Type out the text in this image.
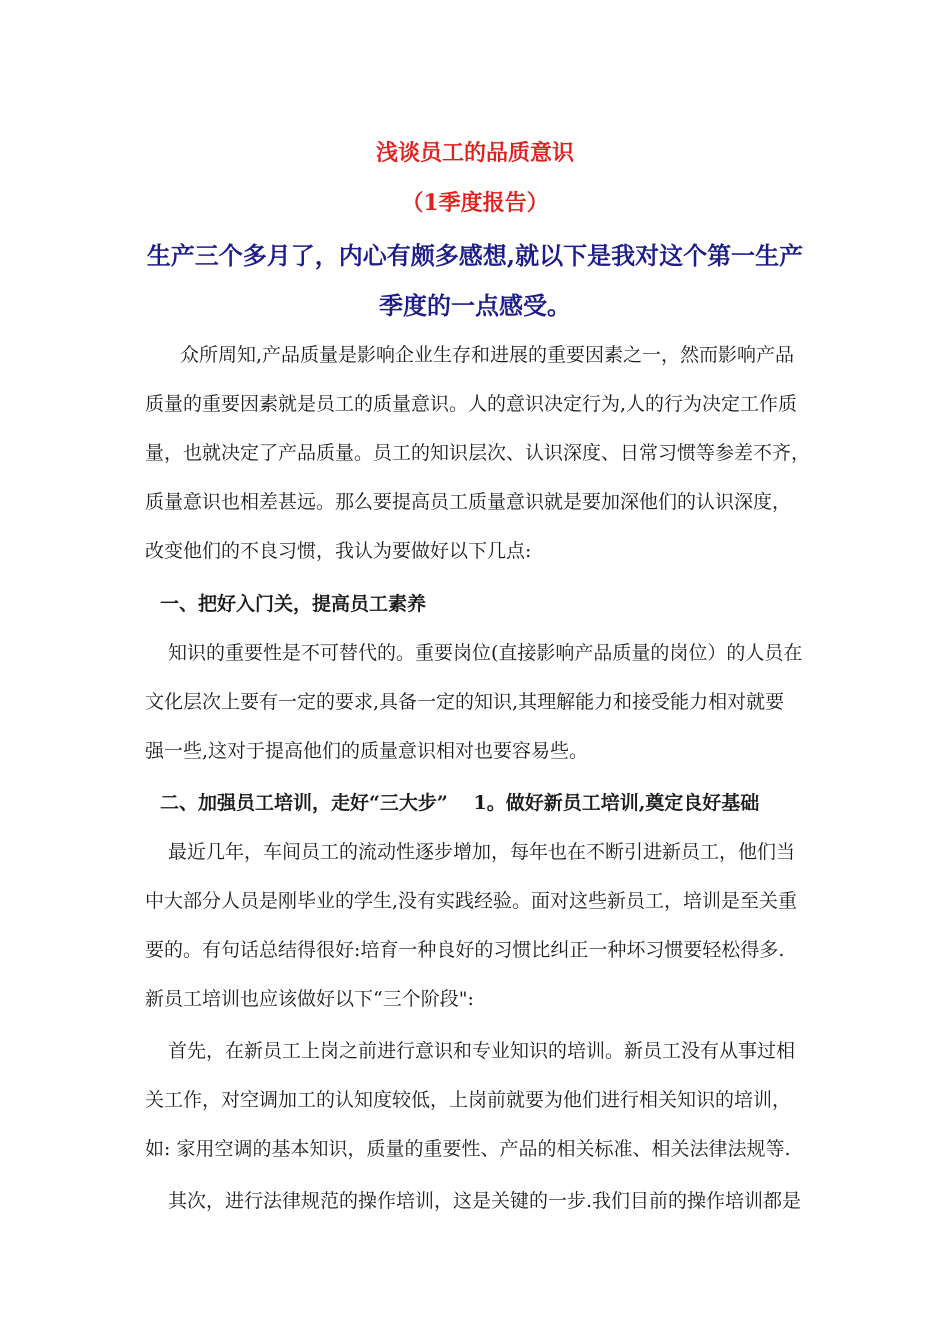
浅谈员工的品质意识
（1季度报告）
生产三个多月了，内心有颇多感想,就以下是我对这个第一生产
季度的一点感受。
众所周知,产品质量是影响企业生存和进展的重要因素之一，然而影响产品
质量的重要因素就是员工的质量意识。人的意识决定行为,人的行为决定工作质
量，也就决定了产品质量。员工的知识层次、认识深度、日常习惯等参差不齐，
质量意识也相差甚远。那么要提高员工质量意识就是要加深他们的认识深度，
改变他们的不良习惯，我认为要做好以下几点:
一、把好入门关，提高员工素养
知识的重要性是不可替代的。重要岗位(直接影响产品质量的岗位）的人员在
文化层次上要有一定的要求,具备一定的知识,其理解能力和接受能力相对就要
强一些,这对于提高他们的质量意识相对也要容易些。
二、加强员工培训，走好“三大步”　 1。做好新员工培训,奠定良好基础
最近几年，车间员工的流动性逐步增加，每年也在不断引进新员工，他们当
中大部分人员是刚毕业的学生,没有实践经验。面对这些新员工，培训是至关重
要的。有句话总结得很好:培育一种良好的习惯比纠正一种坏习惯要轻松得多.
新员工培训也应该做好以下“三个阶段":
首先，在新员工上岗之前进行意识和专业知识的培训。新员工没有从事过相
关工作，对空调加工的认知度较低，上岗前就要为他们进行相关知识的培训，
如: 家用空调的基本知识，质量的重要性、产品的相关标准、相关法律法规等.
其次，进行法律规范的操作培训，这是关键的一步.我们目前的操作培训都是
